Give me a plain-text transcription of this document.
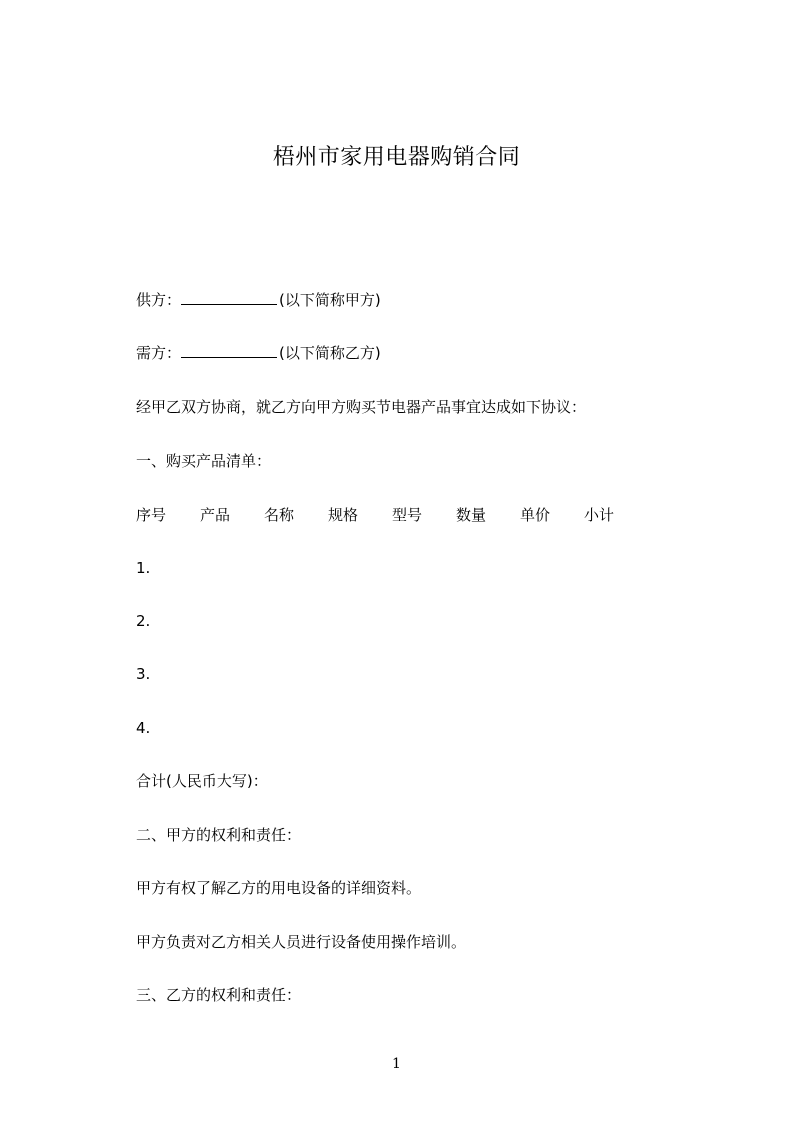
梧州市家用电器购销合同
供方：	(以下简称甲方)
需方：	(以下简称乙方)
经甲乙双方协商，就乙方向甲方购买节电器产品事宜达成如下协议：
一、购买产品清单：
序号 产品 名称 规格 型号 数量 单价 小计
1.
2.
3.
4.
合计(人民币大写)：
二、甲方的权利和责任：
甲方有权了解乙方的用电设备的详细资料。
甲方负责对乙方相关人员进行设备使用操作培训。
三、乙方的权利和责任：
1
